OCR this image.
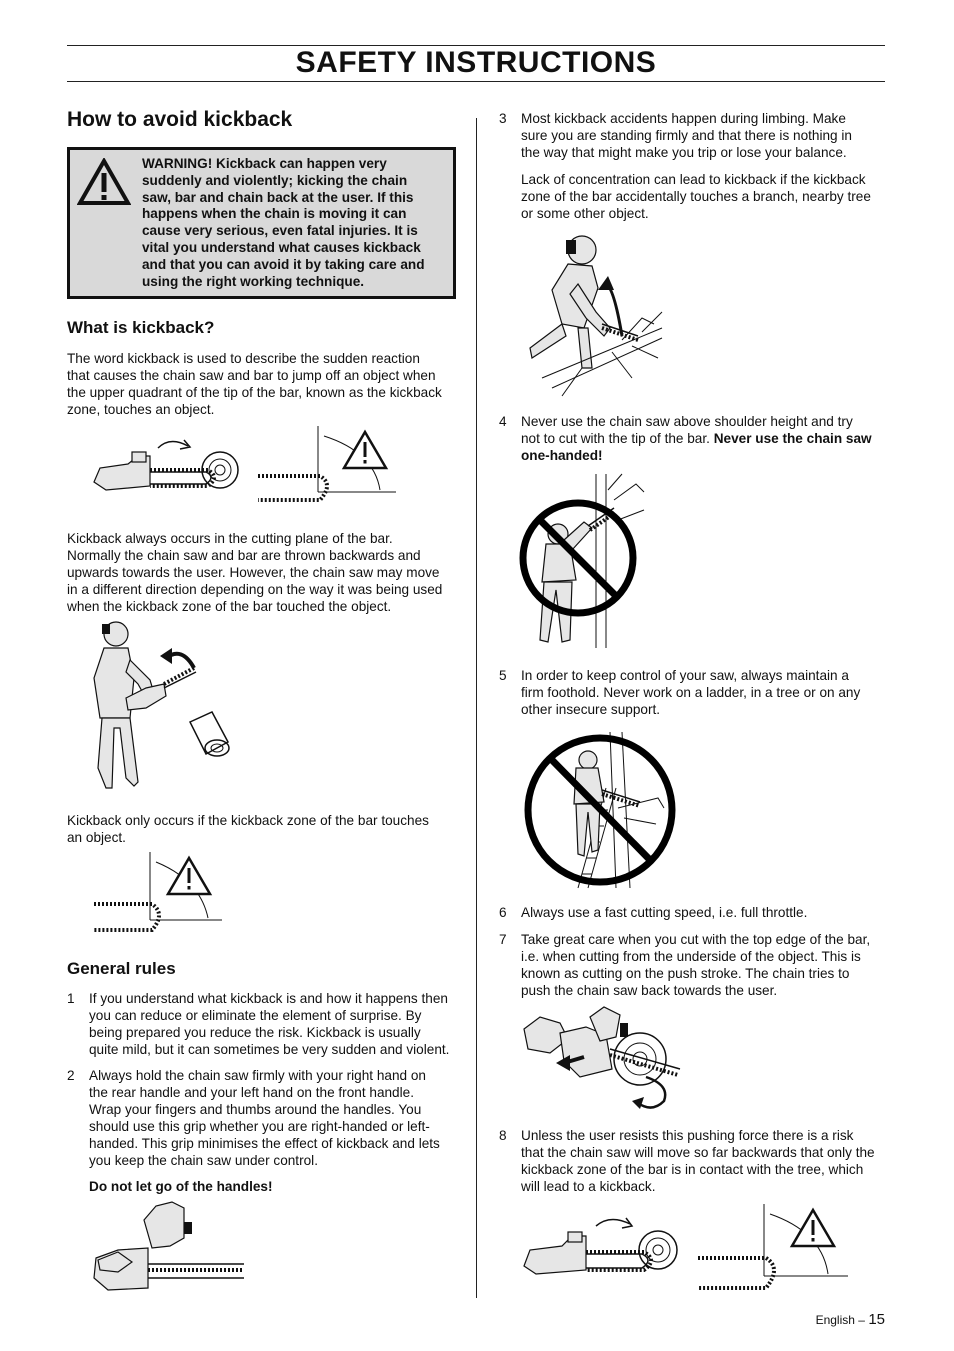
SAFETY INSTRUCTIONS
How to avoid kickback
WARNING! Kickback can happen very
suddenly and violently; kicking the chain
saw, bar and chain back at the user. If this
happens when the chain is moving it can
cause very serious, even fatal injuries. It is
vital you understand what causes kickback
and that you can avoid it by taking care and
using the right working technique.
What is kickback?
The word kickback is used to describe the sudden reaction
that causes the chain saw and bar to jump off an object when
the upper quadrant of the tip of the bar, known as the kickback
zone, touches an object.
Kickback always occurs in the cutting plane of the bar.
Normally the chain saw and bar are thrown backwards and
upwards towards the user. However, the chain saw may move
in a different direction depending on the way it was being used
when the kickback zone of the bar touched the object.
Kickback only occurs if the kickback zone of the bar touches
an object.
General rules
1 If you understand what kickback is and how it happens then
you can reduce or eliminate the element of surprise. By
being prepared you reduce the risk. Kickback is usually
quite mild, but it can sometimes be very sudden and violent.
2 Always hold the chain saw firmly with your right hand on
the rear handle and your left hand on the front handle.
Wrap your fingers and thumbs around the handles. You
should use this grip whether you are right-handed or left-
handed. This grip minimises the effect of kickback and lets
you keep the chain saw under control.
Do not let go of the handles!
3 Most kickback accidents happen during limbing. Make
sure you are standing firmly and that there is nothing in
the way that might make you trip or lose your balance.
Lack of concentration can lead to kickback if the kickback
zone of the bar accidentally touches a branch, nearby tree
or some other object.
4 Never use the chain saw above shoulder height and try
not to cut with the tip of the bar. Never use the chain saw
one-handed!
5 In order to keep control of your saw, always maintain a
firm foothold. Never work on a ladder, in a tree or on any
other insecure support.
6 Always use a fast cutting speed, i.e. full throttle.
7 Take great care when you cut with the top edge of the bar,
i.e. when cutting from the underside of the object. This is
known as cutting on the push stroke. The chain tries to
push the chain saw back towards the user.
8 Unless the user resists this pushing force there is a risk
that the chain saw will move so far backwards that only the
kickback zone of the bar is in contact with the tree, which
will lead to a kickback.
English – 15
